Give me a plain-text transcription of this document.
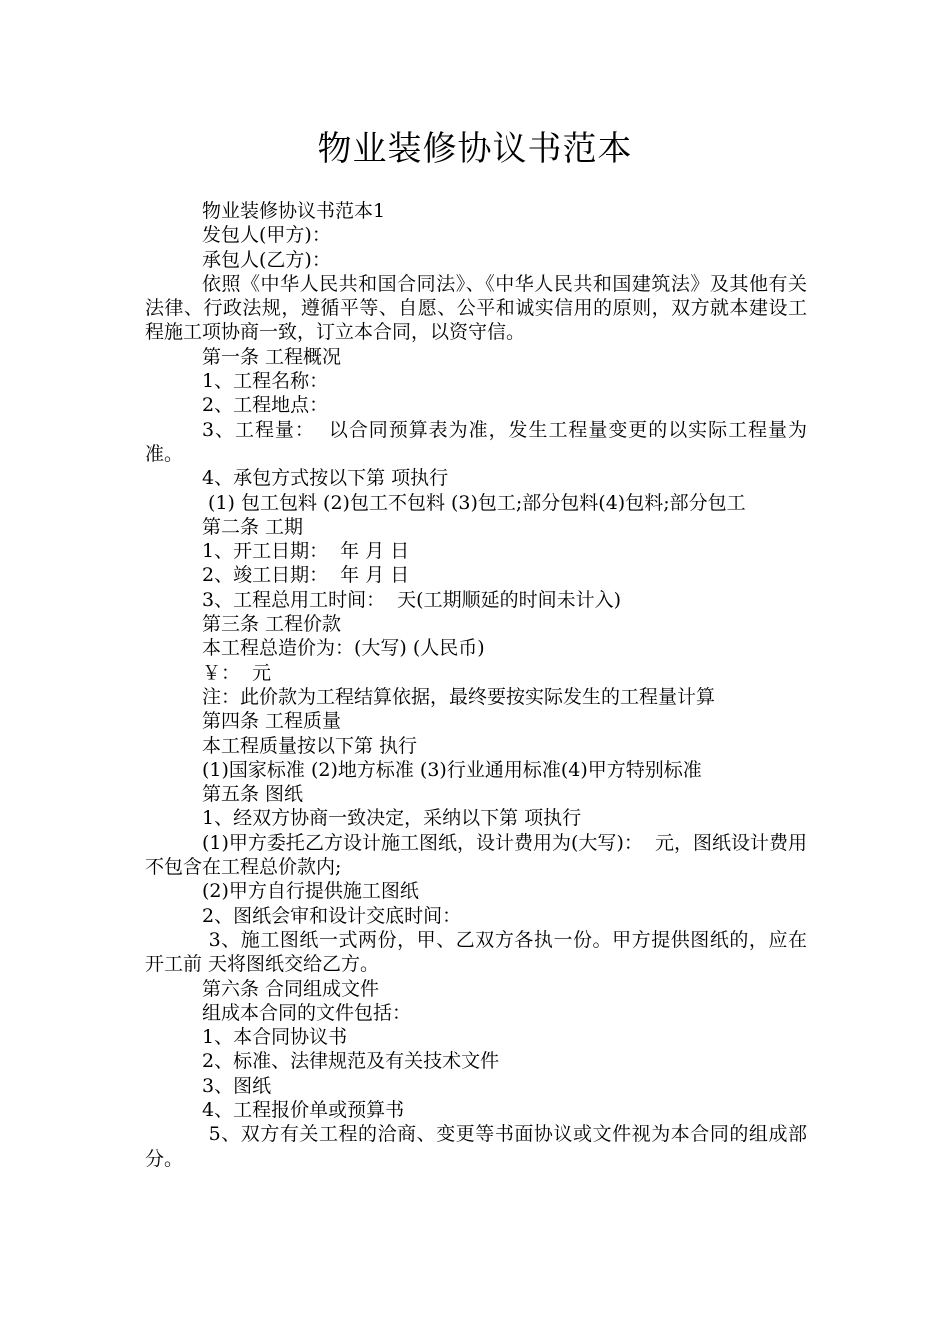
物业装修协议书范本

物业装修协议书范本1

发包人(甲方)：

承包人(乙方)：

依照《中华人民共和国合同法》、《中华人民共和国建筑法》及其他有关法律、行政法规，遵循平等、自愿、公平和诚实信用的原则，双方就本建设工程施工项协商一致，订立本合同，以资守信。

第一条 工程概况

1、工程名称：

2、工程地点：

3、工程量：  以合同预算表为准，发生工程量变更的以实际工程量为准。

4、承包方式按以下第 项执行

(1) 包工包料 (2)包工不包料 (3)包工;部分包料(4)包料;部分包工

第二条 工期

1、开工日期：  年 月 日

2、竣工日期：  年 月 日

3、工程总用工时间：  天(工期顺延的时间未计入)

第三条 工程价款

本工程总造价为：(大写) (人民币)

￥：  元

注：此价款为工程结算依据，最终要按实际发生的工程量计算

第四条 工程质量

本工程质量按以下第 执行

(1)国家标准 (2)地方标准 (3)行业通用标准(4)甲方特别标准

第五条 图纸

1、经双方协商一致决定，采纳以下第 项执行

(1)甲方委托乙方设计施工图纸，设计费用为(大写)：  元，图纸设计费用不包含在工程总价款内;

(2)甲方自行提供施工图纸

2、图纸会审和设计交底时间：

3、施工图纸一式两份，甲、乙双方各执一份。甲方提供图纸的，应在开工前 天将图纸交给乙方。

第六条 合同组成文件

组成本合同的文件包括：

1、本合同协议书

2、标准、法律规范及有关技术文件

3、图纸

4、工程报价单或预算书

5、双方有关工程的洽商、变更等书面协议或文件视为本合同的组成部分。
